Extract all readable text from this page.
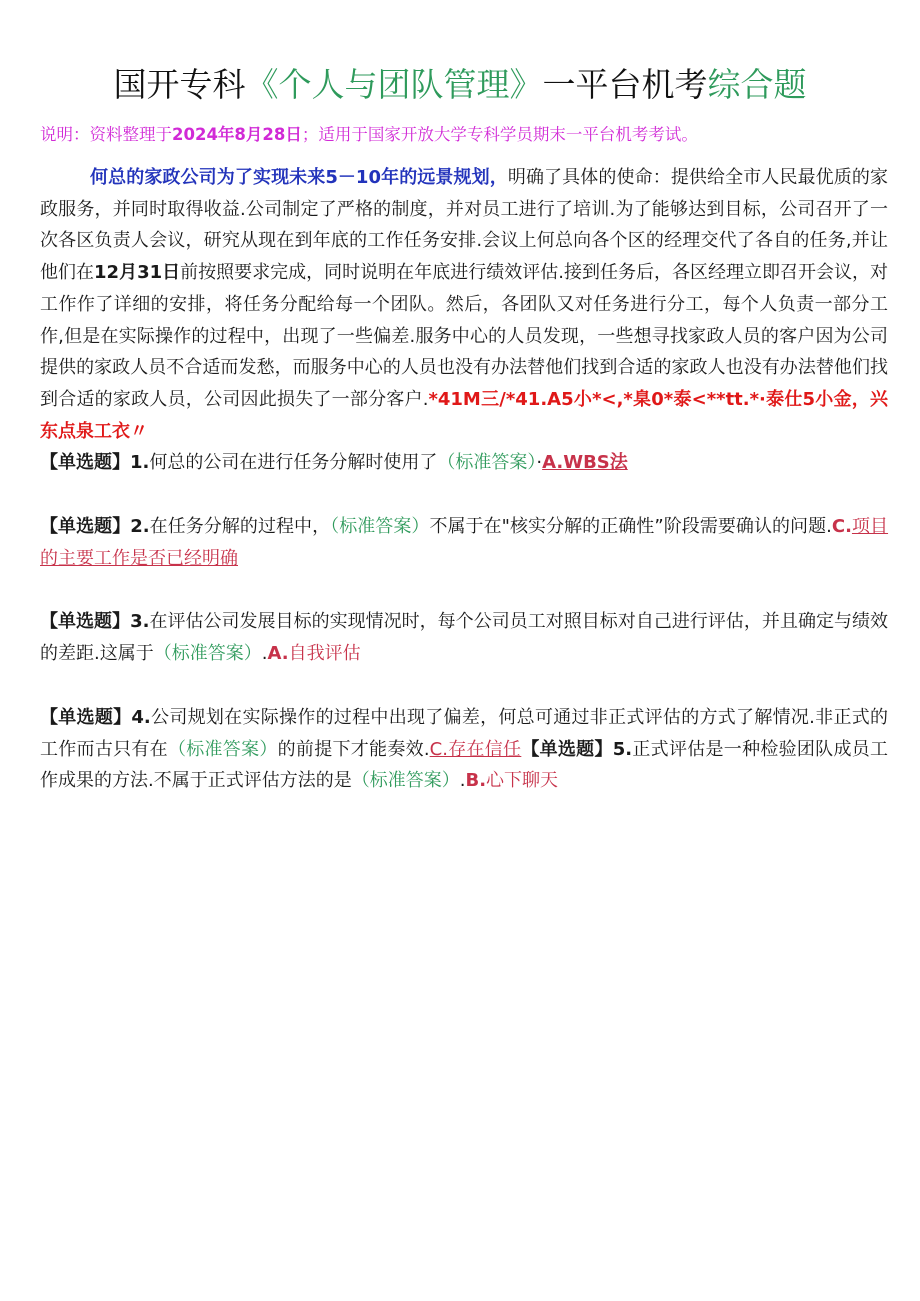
国开专科《个人与团队管理》一平台机考综合题
说明：资料整理于2024年8月28日；适用于国家开放大学专科学员期末一平台机考考试。

何总的家政公司为了实现未来5－10年的远景规划，明确了具体的使命：提供给全市人民最优质的家政服务，并同时取得收益.公司制定了严格的制度，并对员工进行了培训.为了能够达到目标，公司召开了一次各区负责人会议，研究从现在到年底的工作任务安排.会议上何总向各个区的经理交代了各自的任务,并让他们在12月31日前按照要求完成，同时说明在年底进行绩效评估.接到任务后，各区经理立即召开会议，对工作作了详细的安排，将任务分配给每一个团队。然后，各团队又对任务进行分工，每个人负责一部分工作,但是在实际操作的过程中，出现了一些偏差.服务中心的人员发现，一些想寻找家政人员的客户因为公司提供的家政人员不合适而发愁，而服务中心的人员也没有办法替他们找到合适的家政人也没有办法替他们找到合适的家政人员，公司因此损失了一部分客户.*41M三/*41.A5小*<,*臬0*泰<**tt.*·泰仕5小金，兴东点泉工衣〃

【单选题】1.何总的公司在进行任务分解时使用了（标准答案）·A.WBS法

【单选题】2.在任务分解的过程中，（标准答案）不属于在"核实分解的正确性”阶段需要确认的问题.C.项目的主要工作是否已经明确

【单选题】3.在评估公司发展目标的实现情况时，每个公司员工对照目标对自己进行评估，并且确定与绩效的差距.这属于（标准答案）.A.自我评估

【单选题】4.公司规划在实际操作的过程中出现了偏差，何总可通过非正式评估的方式了解情况.非正式的工作而古只有在（标准答案）的前提下才能奏效.C.存在信任【单选题】5.正式评估是一种检验团队成员工作成果的方法.不属于正式评估方法的是（标准答案）.B.心下聊天
